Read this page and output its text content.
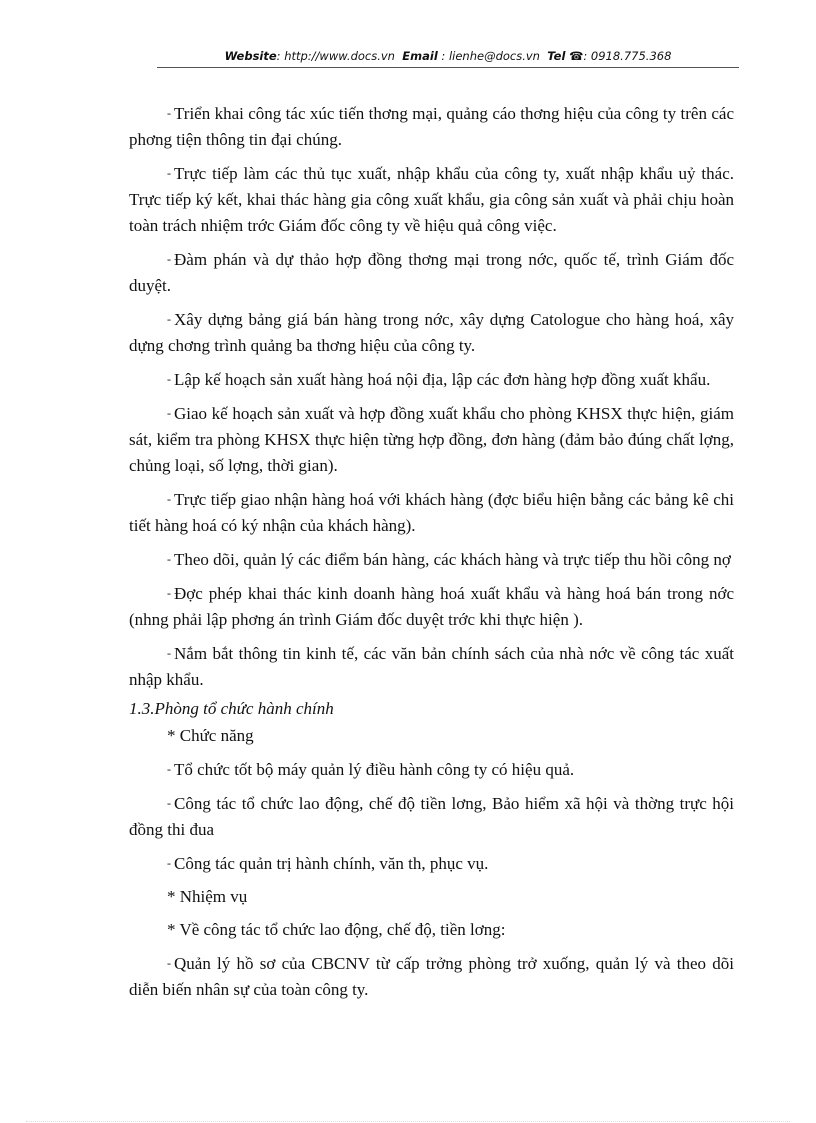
Website: http://www.docs.vn Email : lienhe@docs.vn Tel ☎: 0918.775.368

- Triển khai công tác xúc tiến thơng mại, quảng cáo thơng hiệu của công ty trên các phơng tiện thông tin đại chúng.

- Trực tiếp làm các thủ tục xuất, nhập khẩu của công ty, xuất nhập khẩu uỷ thác. Trực tiếp ký kết, khai thác hàng gia công xuất khẩu, gia công sản xuất và phải chịu hoàn toàn trách nhiệm trớc Giám đốc công ty về hiệu quả công việc.

- Đàm phán và dự thảo hợp đồng thơng mại trong nớc, quốc tế, trình Giám đốc duyệt.

- Xây dựng bảng giá bán hàng trong nớc, xây dựng Catologue cho hàng hoá, xây dựng chơng trình quảng ba thơng hiệu của công ty.

- Lập kế hoạch sản xuất hàng hoá nội địa, lập các đơn hàng hợp đồng xuất khẩu.

- Giao kế hoạch sản xuất và hợp đồng xuất khẩu cho phòng KHSX thực hiện, giám sát, kiểm tra phòng KHSX thực hiện từng hợp đồng, đơn hàng (đảm bảo đúng chất lợng, chủng loại, số lợng, thời gian).

- Trực tiếp giao nhận hàng hoá với khách hàng (đợc biểu hiện bằng các bảng kê chi tiết hàng hoá có ký nhận của khách hàng).

- Theo dõi, quản lý các điểm bán hàng, các khách hàng và trực tiếp thu hồi công nợ

- Đợc phép khai thác kinh doanh hàng hoá xuất khẩu và hàng hoá bán trong nớc (nhng phải lập phơng án trình Giám đốc duyệt trớc khi thực hiện ).

- Nắm bắt thông tin kinh tế, các văn bản chính sách của nhà nớc về công tác xuất nhập khẩu.

1.3.Phòng tổ chức hành chính
* Chức năng

- Tổ chức tốt bộ máy quản lý điều hành công ty có hiệu quả.

- Công tác tổ chức lao động, chế độ tiền lơng, Bảo hiểm xã hội và thờng trực hội đồng thi đua

- Công tác quản trị hành chính, văn th, phục vụ.

* Nhiệm vụ
* Về công tác tổ chức lao động, chế độ, tiền lơng:

- Quản lý hồ sơ của CBCNV từ cấp trởng phòng trở xuống, quản lý và theo dõi diễn biến nhân sự của toàn công ty.
